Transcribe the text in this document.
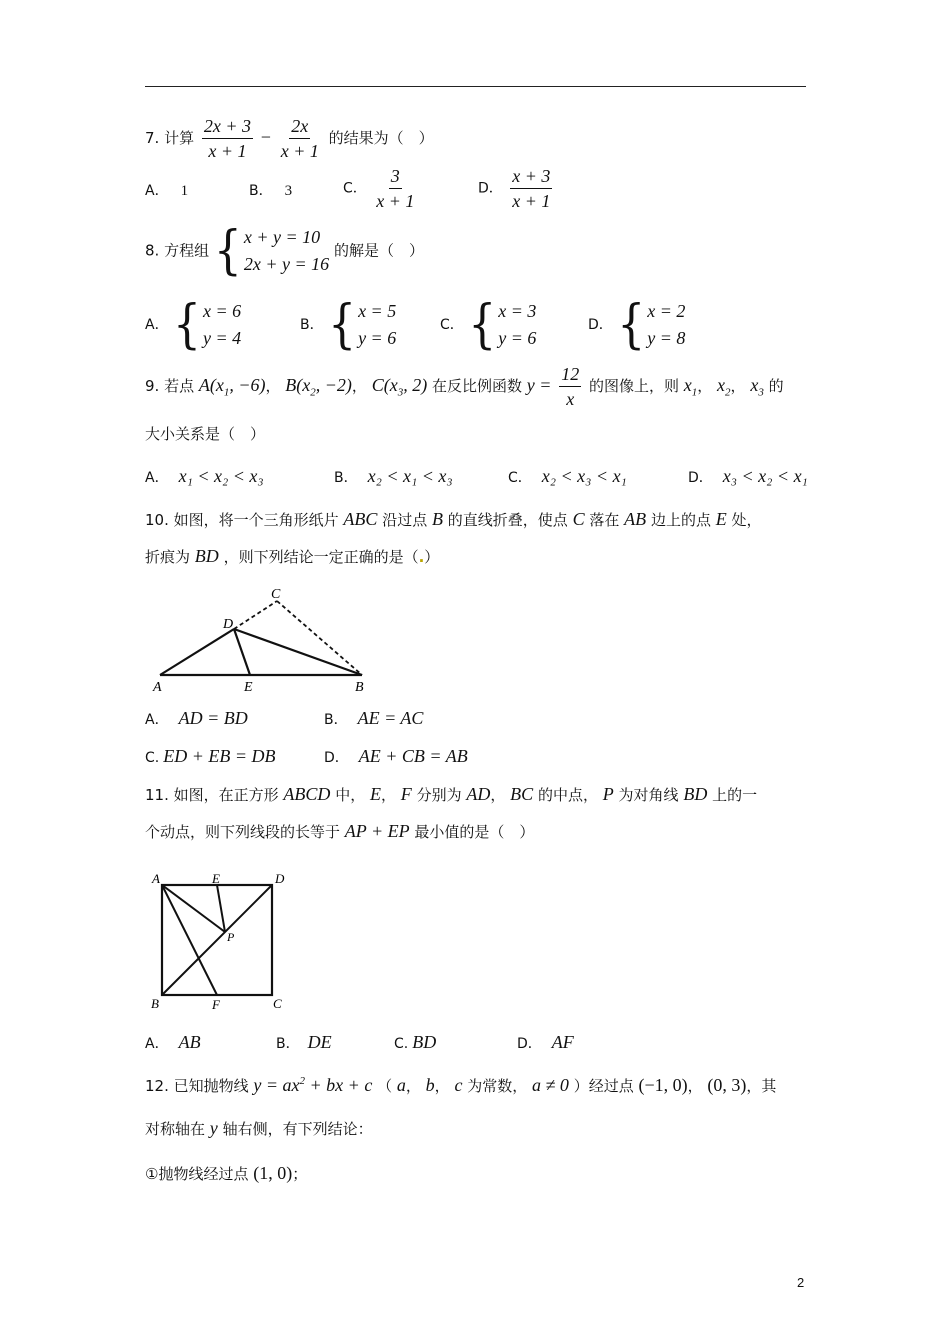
7. 计算 $\frac{2x + 3}{x + 1} - \frac{2x}{x + 1}$ 的结果为（　）
A． 1	B． 3	C． $\frac{3}{x + 1}$	D． $\frac{x + 3}{x + 1}$
8. 方程组 { x + y = 10
2x + y = 16
的解是（　）
A． { x = 6
y = 4
B． { x = 5
y = 6
C． { x = 3
y = 6
D． { x = 2
y = 8
9. 若点 $A(x_1$, −6)， $B(x_2$, −2)， $C(x_3$, 2) 在反比例函数 $y = \frac{12}{x}$ 的图像上，则 $x_1$， $x_2$， $x_3$ 的
大小关系是（　）
A． x₁ < x₂ < x₃	B． x₂ < x₁ < x₃	C． x₂ < x₃ < x₁	D． x₃ < x₂ < x₁
10. 如图，将一个三角形纸片 ABC 沿过点 B 的直线折叠，使点 C 落在 AB 边上的点 E 处，
折痕为 BD ，则下列结论一定正确的是（.）
A	B
C
D
E
A． AD = BD	B． AE = AC
C. ED + EB = DB	D． AE + CB = AB
11. 如图，在正方形 ABCD 中， E， F 分别为 AD， BC 的中点， P 为对角线 BD 上的一
个动点，则下列线段的长等于 AP + EP 最小值的是（　）
A	E	D
B	F	C
P
A． AB	B． DE	C. BD	D． AF
12. 已知抛物线 $y = ax^2$ + bx + c （ a， b， c 为常数， a ≠ 0 ）经过点 (−1, 0)， (0, 3)，其
对称轴在 y 轴右侧，有下列结论：
①抛物线经过点 (1, 0)；
2
